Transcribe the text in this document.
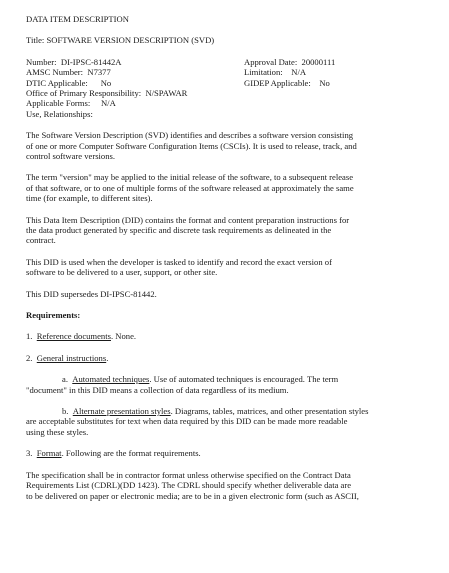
DATA ITEM DESCRIPTION
Title: SOFTWARE VERSION DESCRIPTION (SVD)
Number: DI-IPSC-81442A	Approval Date: 20000111
AMSC Number: N7377	Limitation: N/A
DTIC Applicable: No	GIDEP Applicable: No
Office of Primary Responsibility: N/SPAWAR
Applicable Forms: N/A
Use, Relationships:
The Software Version Description (SVD) identifies and describes a software version consisting
of one or more Computer Software Configuration Items (CSCIs). It is used to release, track, and
control software versions.
The term "version" may be applied to the initial release of the software, to a subsequent release
of that software, or to one of multiple forms of the software released at approximately the same
time (for example, to different sites).
This Data Item Description (DID) contains the format and content preparation instructions for
the data product generated by specific and discrete task requirements as delineated in the
contract.
This DID is used when the developer is tasked to identify and record the exact version of
software to be delivered to a user, support, or other site.
This DID supersedes DI-IPSC-81442.
Requirements:
1. Reference documents. None.
2. General instructions.
a. Automated techniques. Use of automated techniques is encouraged. The term
"document" in this DID means a collection of data regardless of its medium.
b. Alternate presentation styles. Diagrams, tables, matrices, and other presentation styles
are acceptable substitutes for text when data required by this DID can be made more readable
using these styles.
3. Format. Following are the format requirements.
The specification shall be in contractor format unless otherwise specified on the Contract Data
Requirements List (CDRL)(DD 1423). The CDRL should specify whether deliverable data are
to be delivered on paper or electronic media; are to be in a given electronic form (such as ASCII,
